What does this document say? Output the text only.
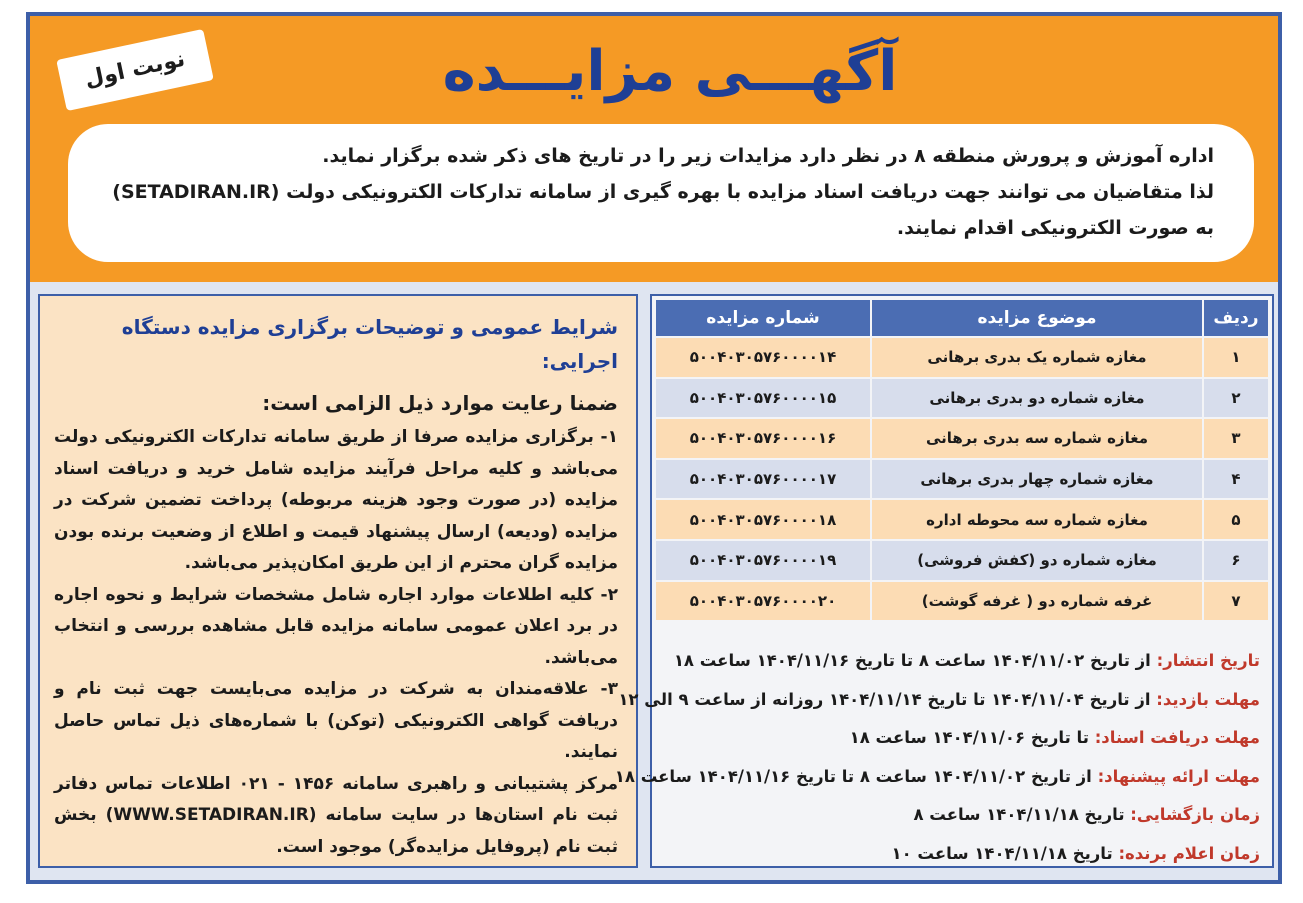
نوبت اول	آگهـــی مزایـــده
اداره آموزش و پرورش منطقه ۸ در نظر دارد مزایدات زیر را در تاریخ های ذکر شده برگزار نماید.
لذا متقاضیان می توانند جهت دریافت اسناد مزایده با بهره گیری از سامانه تدارکات الکترونیکی دولت (SETADIRAN.IR)
به صورت الکترونیکی اقدام نمایند.
شرایط عمومی و توضیحات برگزاری مزایده دستگاه اجرایی:
ضمنا رعایت موارد ذیل الزامی است:

۱- برگزاری مزایده صرفا از طریق سامانه تدارکات الکترونیکی دولت می‌باشد و کلیه مراحل فرآیند مزایده شامل خرید و دریافت اسناد مزایده (در صورت وجود هزینه مربوطه) پرداخت تضمین شرکت در مزایده (ودیعه) ارسال پیشنهاد قیمت و اطلاع از وضعیت برنده بودن مزایده گران محترم از این طریق امکان‌پذیر می‌باشد.

۲- کلیه اطلاعات موارد اجاره شامل مشخصات شرایط و نحوه اجاره در برد اعلان عمومی سامانه مزایده قابل مشاهده بررسی و انتخاب می‌باشد.

۳- علاقه‌مندان به شرکت در مزایده می‌بایست جهت ثبت نام و دریافت گواهی الکترونیکی (توکن) با شماره‌های ذیل تماس حاصل نمایند.

مرکز پشتیبانی و راهبری سامانه ۱۴۵۶ - ۰۲۱ اطلاعات تماس دفاتر ثبت نام استان‌ها در سایت سامانه (WWW.SETADIRAN.IR) بخش ثبت نام (پروفایل مزایده‌گر) موجود است.

ردیف	موضوع مزایده	شماره مزایده
۱	مغازه شماره یک بدری برهانی	۵۰۰۴۰۳۰۵۷۶۰۰۰۰۱۴
۲	مغازه شماره دو بدری برهانی	۵۰۰۴۰۳۰۵۷۶۰۰۰۰۱۵
۳	مغازه شماره سه بدری برهانی	۵۰۰۴۰۳۰۵۷۶۰۰۰۰۱۶
۴	مغازه شماره چهار بدری برهانی	۵۰۰۴۰۳۰۵۷۶۰۰۰۰۱۷
۵	مغازه شماره سه محوطه اداره	۵۰۰۴۰۳۰۵۷۶۰۰۰۰۱۸
۶	مغازه شماره دو (کفش فروشی)	۵۰۰۴۰۳۰۵۷۶۰۰۰۰۱۹
۷	غرفه شماره دو ( غرفه گوشت)	۵۰۰۴۰۳۰۵۷۶۰۰۰۰۲۰
تاریخ انتشار: از تاریخ ۱۴۰۴/۱۱/۰۲ ساعت ۸ تا تاریخ ۱۴۰۴/۱۱/۱۶ ساعت ۱۸
مهلت بازدید: از تاریخ ۱۴۰۴/۱۱/۰۴ تا تاریخ ۱۴۰۴/۱۱/۱۴ روزانه از ساعت ۹ الی ۱۲
مهلت دریافت اسناد: تا تاریخ ۱۴۰۴/۱۱/۰۶ ساعت ۱۸
مهلت ارائه پیشنهاد: از تاریخ ۱۴۰۴/۱۱/۰۲ ساعت ۸ تا تاریخ ۱۴۰۴/۱۱/۱۶ ساعت ۱۸
زمان بازگشایی: تاریخ ۱۴۰۴/۱۱/۱۸ ساعت ۸
زمان اعلام برنده: تاریخ ۱۴۰۴/۱۱/۱۸ ساعت ۱۰
